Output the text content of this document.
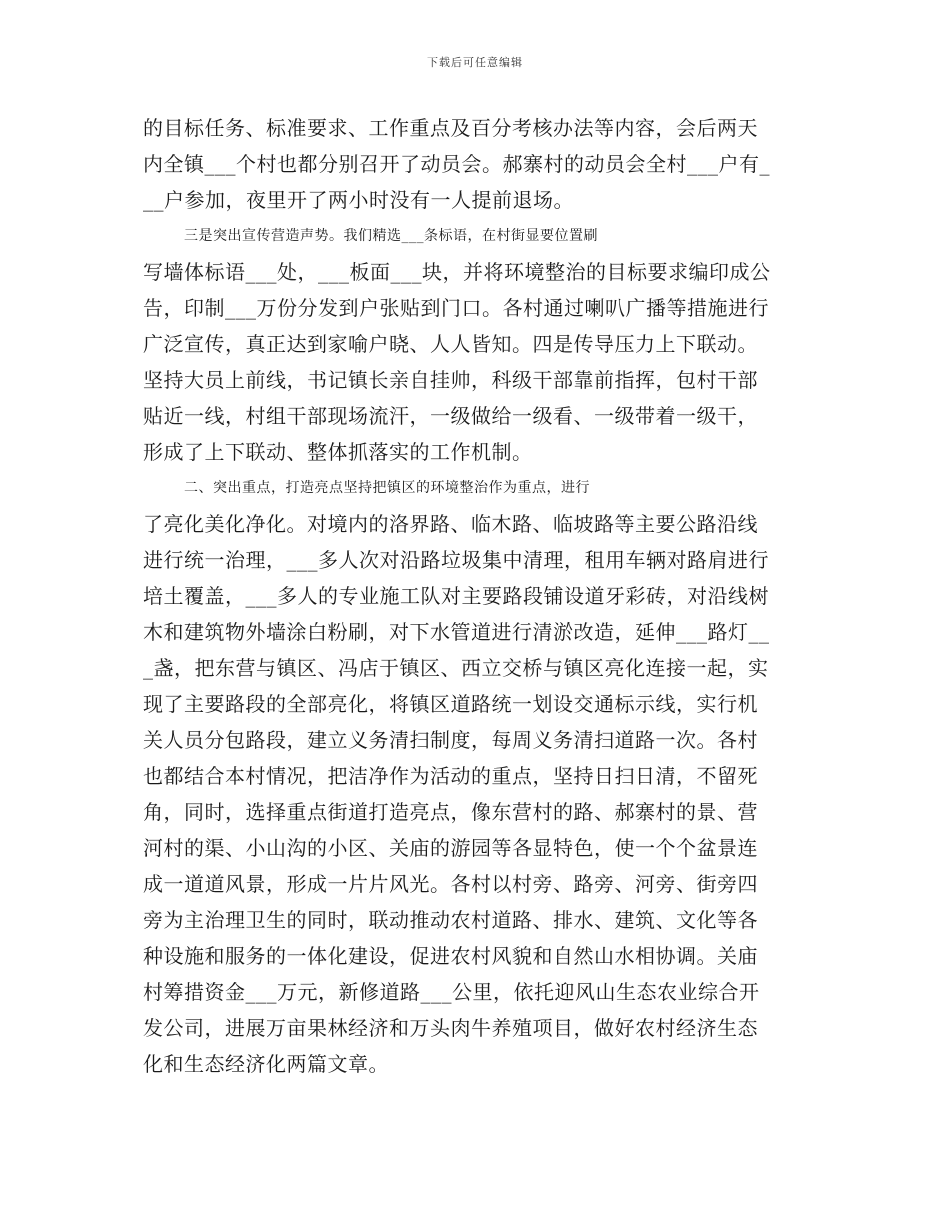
下载后可任意编辑
的目标任务、标准要求、工作重点及百分考核办法等内容，会后两天
内全镇___个村也都分别召开了动员会。郝寨村的动员会全村___户有_
__户参加，夜里开了两小时没有一人提前退场。
三是突出宣传营造声势。我们精选___条标语，在村街显要位置刷
写墙体标语___处，___板面___块，并将环境整治的目标要求编印成公
告，印制___万份分发到户张贴到门口。各村通过喇叭广播等措施进行
广泛宣传，真正达到家喻户晓、人人皆知。四是传导压力上下联动。
坚持大员上前线，书记镇长亲自挂帅，科级干部靠前指挥，包村干部
贴近一线，村组干部现场流汗，一级做给一级看、一级带着一级干，
形成了上下联动、整体抓落实的工作机制。
二、突出重点，打造亮点坚持把镇区的环境整治作为重点，进行
了亮化美化净化。对境内的洛界路、临木路、临坡路等主要公路沿线
进行统一治理，___多人次对沿路垃圾集中清理，租用车辆对路肩进行
培土覆盖，___多人的专业施工队对主要路段铺设道牙彩砖，对沿线树
木和建筑物外墙涂白粉刷，对下水管道进行清淤改造，延伸___路灯__
_盏，把东营与镇区、冯店于镇区、西立交桥与镇区亮化连接一起，实
现了主要路段的全部亮化，将镇区道路统一划设交通标示线，实行机
关人员分包路段，建立义务清扫制度，每周义务清扫道路一次。各村
也都结合本村情况，把洁净作为活动的重点，坚持日扫日清，不留死
角，同时，选择重点街道打造亮点，像东营村的路、郝寨村的景、营
河村的渠、小山沟的小区、关庙的游园等各显特色，使一个个盆景连
成一道道风景，形成一片片风光。各村以村旁、路旁、河旁、街旁四
旁为主治理卫生的同时，联动推动农村道路、排水、建筑、文化等各
种设施和服务的一体化建设，促进农村风貌和自然山水相协调。关庙
村筹措资金___万元，新修道路___公里，依托迎风山生态农业综合开
发公司，进展万亩果林经济和万头肉牛养殖项目，做好农村经济生态
化和生态经济化两篇文章。
